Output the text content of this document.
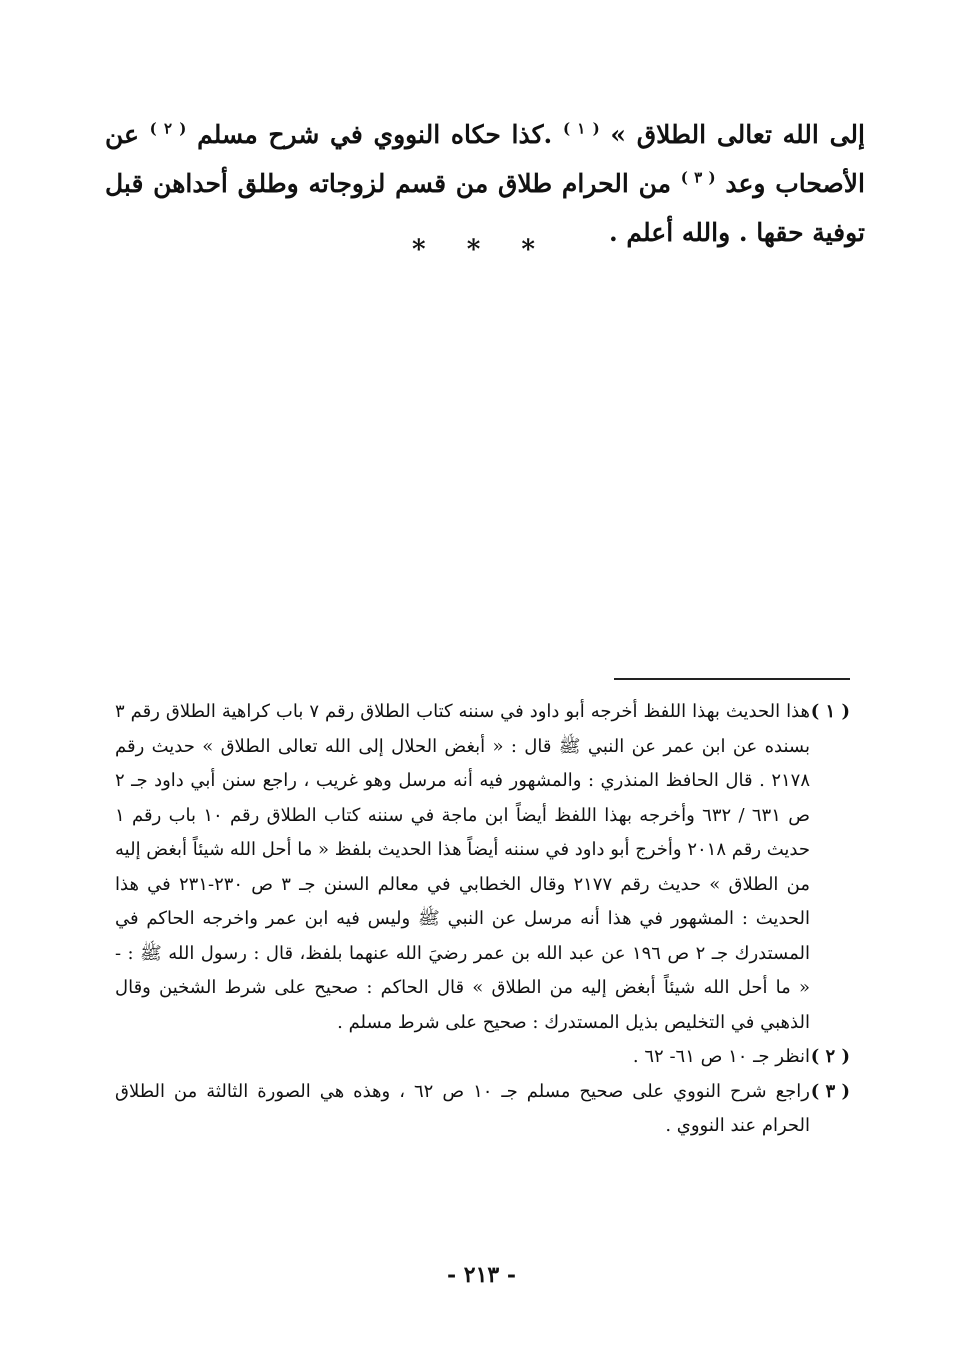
إلى الله تعالى الطلاق » $^{( ١ )}$ .كذا حكاه النووي في شرح مسلم $^{( ٢ )}$ عن الأصحاب وعد $^{( ٣ )}$ من الحرام طلاق من قسم لزوجاته وطلق أحداهن قبل توفية حقها . والله أعلم .

* * *

( ١ )
هذا الحديث بهذا اللفظ أخرجه أبو داود في سننه كتاب الطلاق رقم ٧ باب كراهية الطلاق رقم ٣ بسنده عن ابن عمر عن النبي ﷺ قال : « أبغض الحلال إلى الله تعالى الطلاق » حديث رقم ٢١٧٨ . قال الحافظ المنذري : والمشهور فيه أنه مرسل وهو غريب ، راجع سنن أبي داود جـ ٢ ص ٦٣١ / ٦٣٢ وأخرجه بهذا اللفظ أيضاً ابن ماجة في سننه كتاب الطلاق رقم ١٠ باب رقم ١ حديث رقم ٢٠١٨ وأخرج أبو داود في سننه أيضاً هذا الحديث بلفظ « ما أحل الله شيئاً أبغض إليه من الطلاق » حديث رقم ٢١٧٧ وقال الخطابي في معالم السنن جـ ٣ ص ٢٣٠-٢٣١ في هذا الحديث : المشهور في هذا أنه مرسل عن النبي ﷺ وليس فيه ابن عمر واخرجه الحاكم في المستدرك جـ ٢ ص ١٩٦ عن عبد الله بن عمر رضيَ الله عنهما بلفظ، قال : رسول الله ﷺ : - « ما أحل الله شيئاً أبغض إليه من الطلاق » قال الحاكم : صحيح على شرط الشخين وقال الذهبي في التخليص بذيل المستدرك : صحيح على شرط مسلم .

( ٢ )
انظر جـ ١٠ ص ٦١- ٦٢ .

( ٣ )
راجع شرح النووي على صحيح مسلم جـ ١٠ ص ٦٢ ، وهذه هي الصورة الثالثة من الطلاق الحرام عند النووي .

- ٢١٣ -
